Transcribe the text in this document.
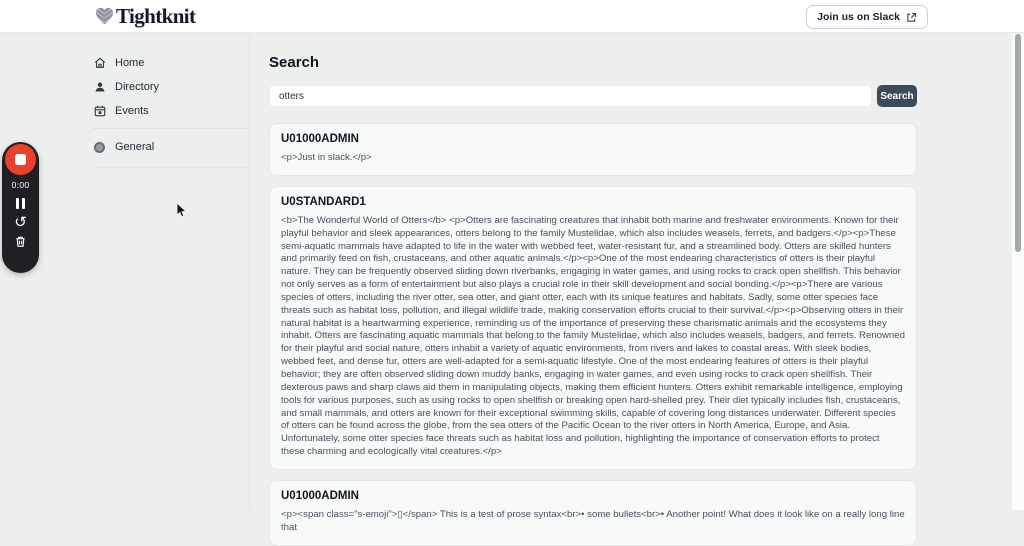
Tightknit	Join us on Slack
Home
Directory
Events
General
0:00
↺
Search
otters
Search
U01000ADMIN
<p>Just in slack.</p>
U0STANDARD1
<b>The Wonderful World of Otters</b> <p>Otters are fascinating creatures that inhabit both marine and freshwater environments. Known for their playful behavior and sleek appearances, otters belong to the family Mustelidae, which also includes weasels, ferrets, and badgers.</p><p>These semi-aquatic mammals have adapted to life in the water with webbed feet, water-resistant fur, and a streamlined body. Otters are skilled hunters and primarily feed on fish, crustaceans, and other aquatic animals.</p><p>One of the most endearing characteristics of otters is their playful nature. They can be frequently observed sliding down riverbanks, engaging in water games, and using rocks to crack open shellfish. This behavior not only serves as a form of entertainment but also plays a crucial role in their skill development and social bonding.</p><p>There are various species of otters, including the river otter, sea otter, and giant otter, each with its unique features and habitats. Sadly, some otter species face threats such as habitat loss, pollution, and illegal wildlife trade, making conservation efforts crucial to their survival.</p><p>Observing otters in their natural habitat is a heartwarming experience, reminding us of the importance of preserving these charismatic animals and the ecosystems they inhabit. Otters are fascinating aquatic mammals that belong to the family Mustelidae, which also includes weasels, badgers, and ferrets. Renowned for their playful and social nature, otters inhabit a variety of aquatic environments, from rivers and lakes to coastal areas. With sleek bodies, webbed feet, and dense fur, otters are well-adapted for a semi-aquatic lifestyle. One of the most endearing features of otters is their playful behavior; they are often observed sliding down muddy banks, engaging in water games, and even using rocks to crack open shellfish. Their dexterous paws and sharp claws aid them in manipulating objects, making them efficient hunters. Otters exhibit remarkable intelligence, employing tools for various purposes, such as using rocks to open shellfish or breaking open hard-shelled prey. Their diet typically includes fish, crustaceans, and small mammals, and otters are known for their exceptional swimming skills, capable of covering long distances underwater. Different species of otters can be found across the globe, from the sea otters of the Pacific Ocean to the river otters in North America, Europe, and Asia. Unfortunately, some otter species face threats such as habitat loss and pollution, highlighting the importance of conservation efforts to protect these charming and ecologically vital creatures.</p>
U01000ADMIN
<p><span class="s-emoji">▯</span> This is a test of prose syntax<br>• some bullets<br>• Another point! What does it look like on a really long line that
